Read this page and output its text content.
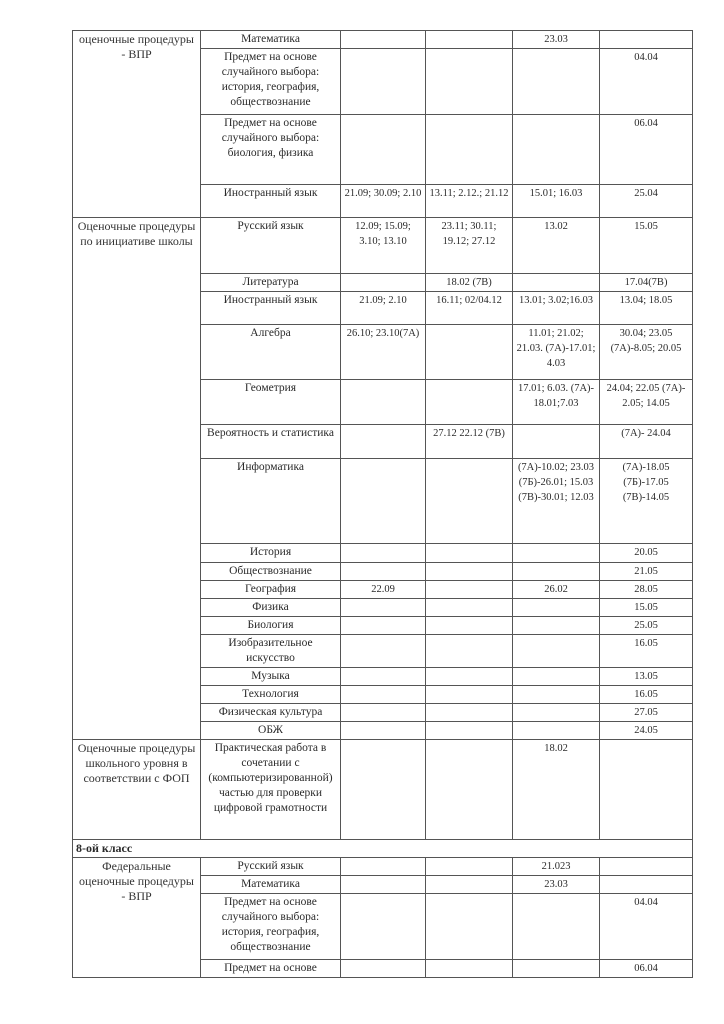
оценочные процедуры - ВПР	Математика			23.03	
	Предмет на основе случайного выбора: история, география, обществознание				04.04
	Предмет на основе случайного выбора: биология, физика				06.04
	Иностранный язык	21.09; 30.09; 2.10	13.11; 2.12.; 21.12	15.01; 16.03	25.04
Оценочные процедуры по инициативе школы	Русский язык	12.09; 15.09; 3.10; 13.10	23.11; 30.11; 19.12; 27.12	13.02	15.05
	Литература		18.02 (7В)		17.04(7В)
	Иностранный язык	21.09; 2.10	16.11; 02/04.12	13.01; 3.02;16.03	13.04; 18.05
	Алгебра	26.10; 23.10(7А)		11.01; 21.02; 21.03. (7А)-17.01; 4.03	30.04; 23.05 (7А)-8.05; 20.05
	Геометрия			17.01; 6.03. (7А)- 18.01;7.03	24.04; 22.05 (7А)- 2.05; 14.05
	Вероятность и статистика		27.12 22.12 (7В)		(7А)- 24.04
	Информатика			(7А)-10.02; 23.03 (7Б)-26.01; 15.03 (7В)-30.01; 12.03	(7А)-18.05 (7Б)-17.05 (7В)-14.05
	История				20.05
	Обществознание				21.05
	География	22.09		26.02	28.05
	Физика				15.05
	Биология				25.05
	Изобразительное искусство				16.05
	Музыка				13.05
	Технология				16.05
	Физическая культура				27.05
	ОБЖ				24.05
Оценочные процедуры школьного уровня в соответствии с ФОП	Практическая работа в сочетании с (компьютеризированной) частью для проверки цифровой грамотности			18.02	
8-ой класс					
Федеральные оценочные процедуры - ВПР	Русский язык			21.023	
	Математика			23.03	
	Предмет на основе случайного выбора: история, география, обществознание				04.04
	Предмет на основе				06.04
